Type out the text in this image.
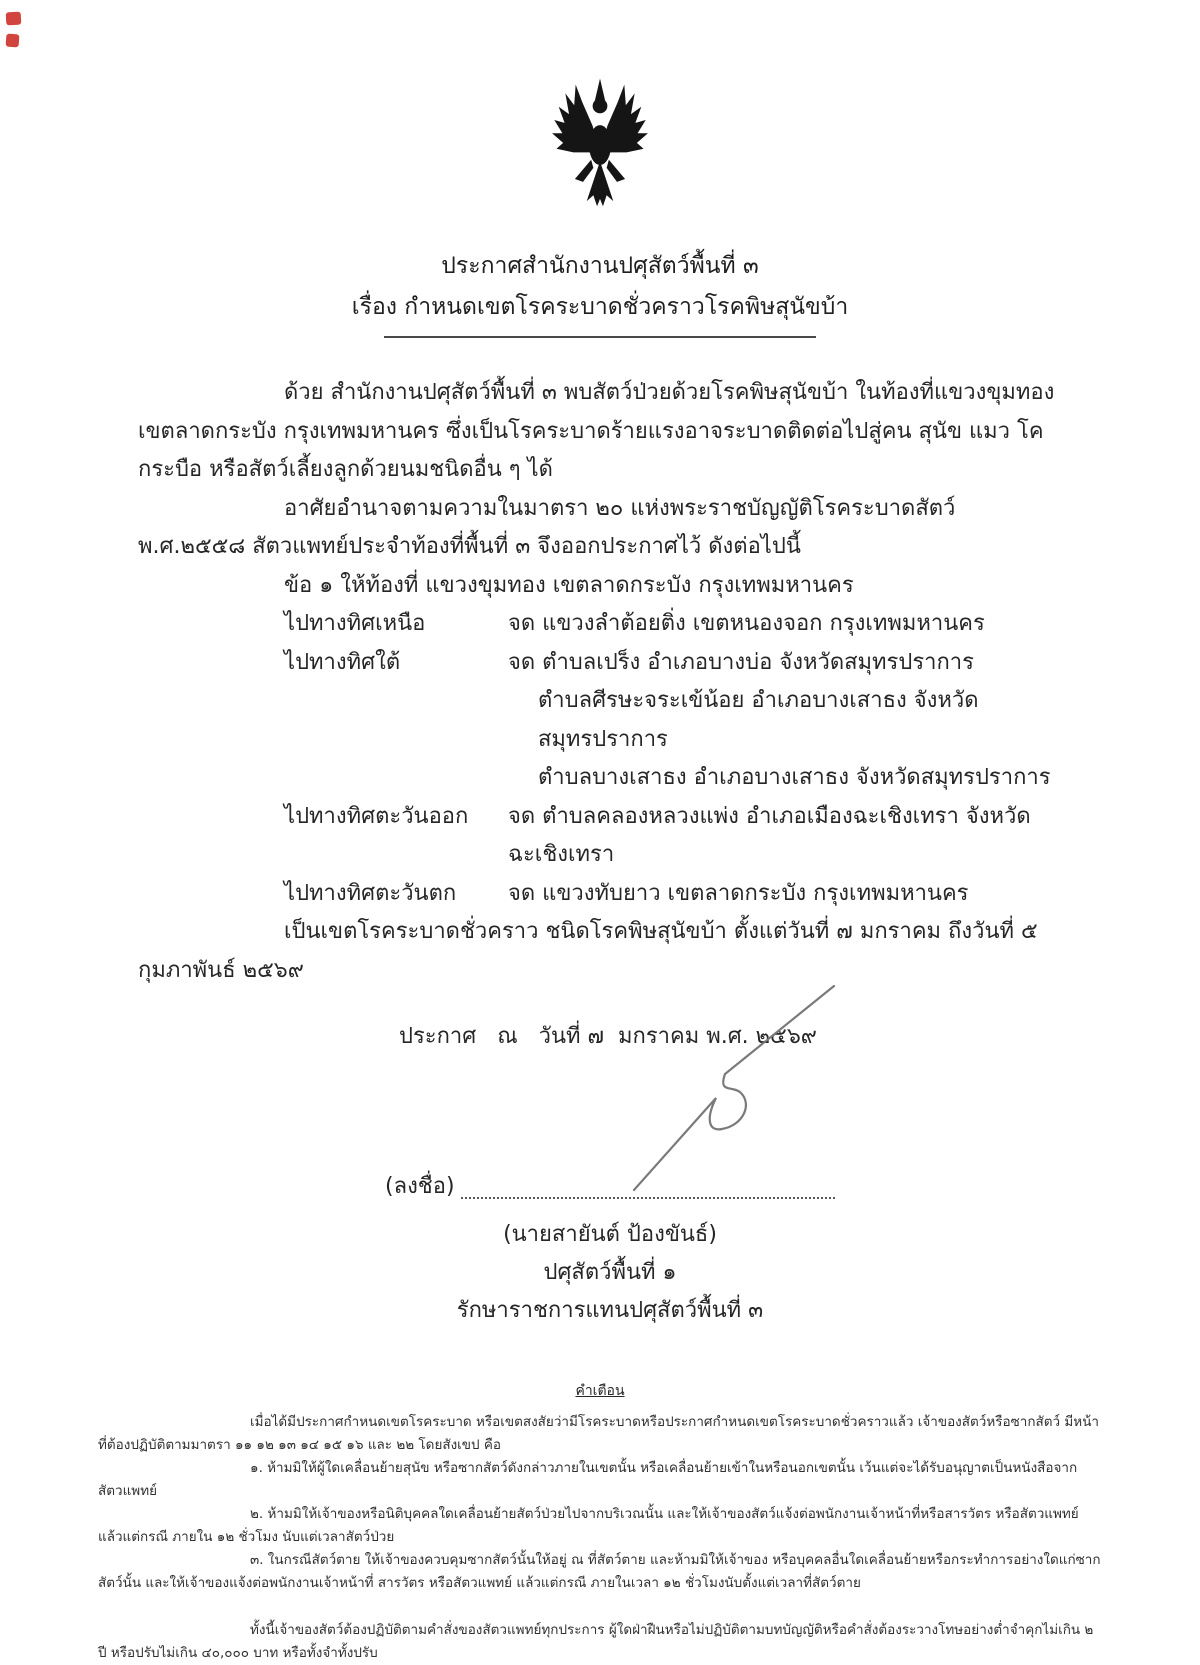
ประกาศสำนักงานปศุสัตว์พื้นที่ ๓
เรื่อง กำหนดเขตโรคระบาดชั่วคราวโรคพิษสุนัขบ้า

ด้วย สำนักงานปศุสัตว์พื้นที่ ๓ พบสัตว์ป่วยด้วยโรคพิษสุนัขบ้า ในท้องที่แขวงขุมทอง เขตลาดกระบัง กรุงเทพมหานคร ซึ่งเป็นโรคระบาดร้ายแรงอาจระบาดติดต่อไปสู่คน สุนัข แมว โค กระบือ หรือสัตว์เลี้ยงลูกด้วยนมชนิดอื่น ๆ ได้

อาศัยอำนาจตามความในมาตรา ๒๐ แห่งพระราชบัญญัติโรคระบาดสัตว์ พ.ศ.๒๕๕๘ สัตวแพทย์ประจำท้องที่พื้นที่ ๓ จึงออกประกาศไว้ ดังต่อไปนี้

ข้อ ๑ ให้ท้องที่ แขวงขุมทอง เขตลาดกระบัง กรุงเทพมหานคร

ไปทางทิศเหนือ	จด แขวงลำต้อยติ่ง เขตหนองจอก กรุงเทพมหานคร
ไปทางทิศใต้	จด ตำบลเปร็ง อำเภอบางบ่อ จังหวัดสมุทรปราการ
ตำบลศีรษะจระเข้น้อย อำเภอบางเสาธง จังหวัดสมุทรปราการ
ตำบลบางเสาธง อำเภอบางเสาธง จังหวัดสมุทรปราการ
ไปทางทิศตะวันออก	จด ตำบลคลองหลวงแพ่ง อำเภอเมืองฉะเชิงเทรา จังหวัดฉะเชิงเทรา
ไปทางทิศตะวันตก	จด แขวงทับยาว เขตลาดกระบัง กรุงเทพมหานคร

เป็นเขตโรคระบาดชั่วคราว ชนิดโรคพิษสุนัขบ้า ตั้งแต่วันที่ ๗ มกราคม ถึงวันที่ ๕ กุมภาพันธ์ ๒๕๖๙

ประกาศ   ณ   วันที่ ๗  มกราคม พ.ศ. ๒๕๖๙
(ลงชื่อ)
(นายสายันต์ ป้องขันธ์)
ปศุสัตว์พื้นที่ ๑
รักษาราชการแทนปศุสัตว์พื้นที่ ๓
คำเตือน

เมื่อได้มีประกาศกำหนดเขตโรคระบาด หรือเขตสงสัยว่ามีโรคระบาดหรือประกาศกำหนดเขตโรคระบาดชั่วคราวแล้ว เจ้าของสัตว์หรือซากสัตว์ มีหน้าที่ต้องปฏิบัติตามมาตรา ๑๑ ๑๒ ๑๓ ๑๔ ๑๕ ๑๖ และ ๒๒ โดยสังเขป คือ

๑. ห้ามมิให้ผู้ใดเคลื่อนย้ายสุนัข หรือซากสัตว์ดังกล่าวภายในเขตนั้น หรือเคลื่อนย้ายเข้าในหรือนอกเขตนั้น เว้นแต่จะได้รับอนุญาตเป็นหนังสือจากสัตวแพทย์

๒. ห้ามมิให้เจ้าของหรือนิติบุคคลใดเคลื่อนย้ายสัตว์ป่วยไปจากบริเวณนั้น และให้เจ้าของสัตว์แจ้งต่อพนักงานเจ้าหน้าที่หรือสารวัตร หรือสัตวแพทย์ แล้วแต่กรณี ภายใน ๑๒ ชั่วโมง นับแต่เวลาสัตว์ป่วย

๓. ในกรณีสัตว์ตาย ให้เจ้าของควบคุมซากสัตว์นั้นให้อยู่ ณ ที่สัตว์ตาย และห้ามมิให้เจ้าของ หรือบุคคลอื่นใดเคลื่อนย้ายหรือกระทำการอย่างใดแก่ซากสัตว์นั้น และให้เจ้าของแจ้งต่อพนักงานเจ้าหน้าที่ สารวัตร หรือสัตวแพทย์ แล้วแต่กรณี ภายในเวลา ๑๒ ชั่วโมงนับตั้งแต่เวลาที่สัตว์ตาย

ทั้งนี้เจ้าของสัตว์ต้องปฏิบัติตามคำสั่งของสัตวแพทย์ทุกประการ ผู้ใดฝ่าฝืนหรือไม่ปฏิบัติตามบทบัญญัติหรือคำสั่งต้องระวางโทษอย่างต่ำจำคุกไม่เกิน ๒ ปี หรือปรับไม่เกิน ๔๐,๐๐๐ บาท หรือทั้งจำทั้งปรับ
